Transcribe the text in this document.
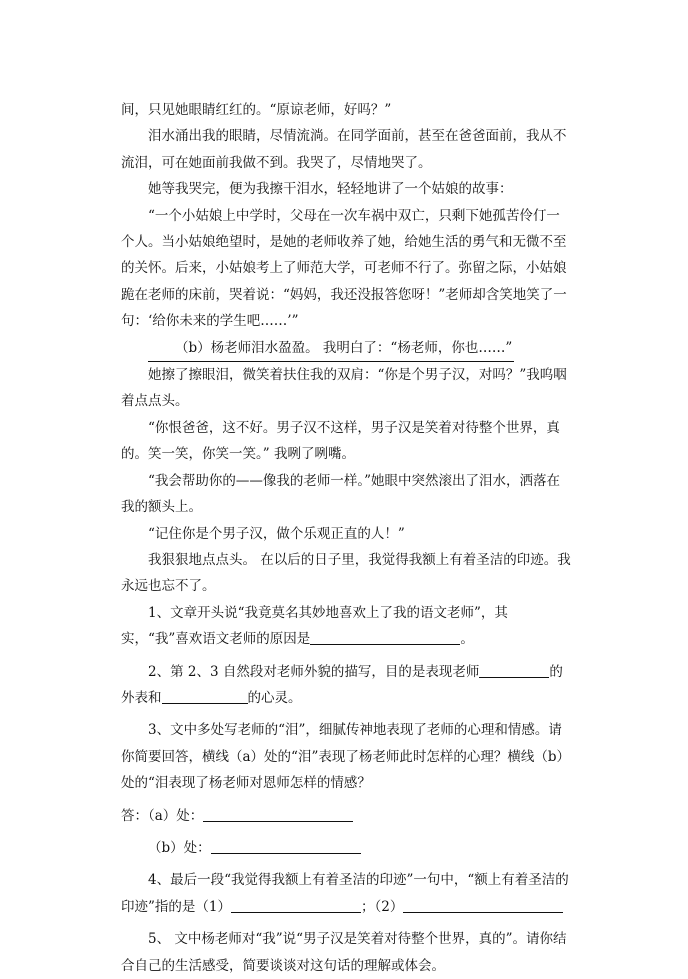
间，只见她眼睛红红的。“原谅老师，好吗？”

泪水涌出我的眼睛，尽情流淌。在同学面前，甚至在爸爸面前，我从不流泪，可在她面前我做不到。我哭了，尽情地哭了。

她等我哭完，便为我擦干泪水，轻轻地讲了一个姑娘的故事：

“一个小姑娘上中学时，父母在一次车祸中双亡，只剩下她孤苦伶仃一个人。当小姑娘绝望时，是她的老师收养了她，给她生活的勇气和无微不至的关怀。后来，小姑娘考上了师范大学，可老师不行了。弥留之际，小姑娘跪在老师的床前，哭着说：“妈妈，我还没报答您呀！”老师却含笑地笑了一句：‘给你未来的学生吧……’”

（b）杨老师泪水盈盈。 我明白了：“杨老师，你也……”

她擦了擦眼泪，微笑着扶住我的双肩：“你是个男子汉，对吗？”我呜咽着点点头。

“你恨爸爸，这不好。男子汉不这样，男子汉是笑着对待整个世界，真的。笑一笑，你笑一笑。” 我咧了咧嘴。

“我会帮助你的——像我的老师一样。”她眼中突然滚出了泪水，洒落在我的额头上。

“记住你是个男子汉，做个乐观正直的人！”

我狠狠地点点头。 在以后的日子里，我觉得我额上有着圣洁的印迹。我永远也忘不了。

1、文章开头说“我竟莫名其妙地喜欢上了我的语文老师”，其实，“我”喜欢语文老师的原因是	。

2、第 2、3 自然段对老师外貌的描写，目的是表现老师	的外表和	的心灵。

3、文中多处写老师的“泪”，细腻传神地表现了老师的心理和情感。请你简要回答，横线（a）处的“泪”表现了杨老师此时怎样的心理？横线（b）处的“泪表现了杨老师对恩师怎样的情感？

答：（a）处：

（b）处：

4、最后一段“我觉得我额上有着圣洁的印迹”一句中，“额上有着圣洁的印迹”指的是（1）	；（2）

5、 文中杨老师对“我”说“男子汉是笑着对待整个世界，真的”。请你结合自己的生活感受，简要谈谈对这句话的理解或体会。
